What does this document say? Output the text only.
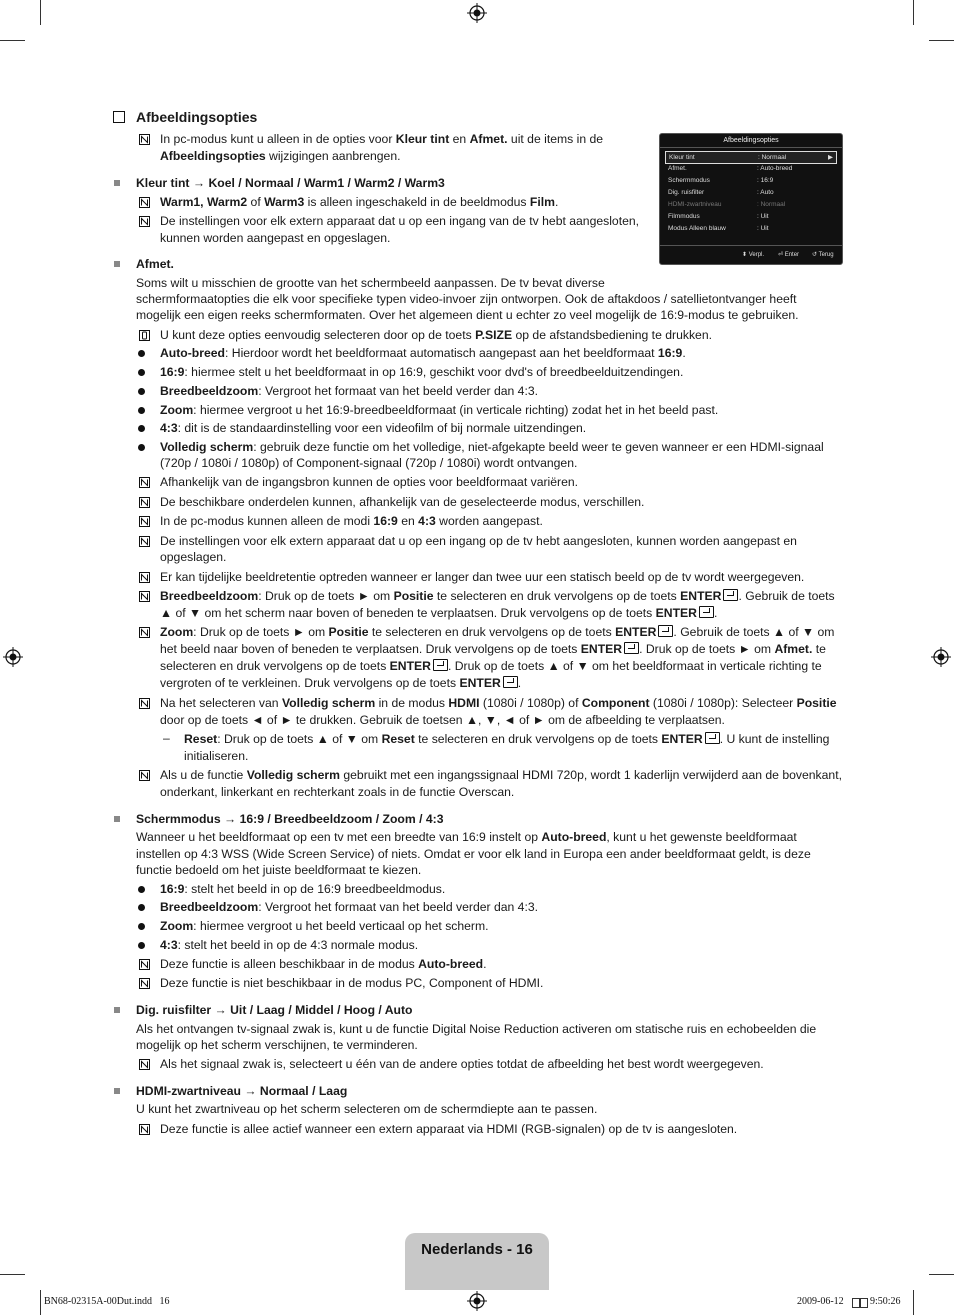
Afbeeldingsopties
In pc-modus kunt u alleen in de opties voor Kleur tint en Afmet. uit de items in de
Afbeeldingsopties wijzigingen aanbrengen.
Afbeeldingsopties
Kleur tint	: Normaal	▶
Afmet.	: Auto-breed
Schermmodus	: 16:9
Dig. ruisfilter	: Auto
HDMI-zwartniveau	: Normaal
Filmmodus	: Uit
Modus Alleen blauw	: Uit
⬍ Verpl. ⏎ Enter ↺ Terug
Kleur tint → Koel / Normaal / Warm1 / Warm2 / Warm3
Warm1, Warm2 of Warm3 is alleen ingeschakeld in de beeldmodus Film.
De instellingen voor elk extern apparaat dat u op een ingang van de tv hebt aangesloten,
kunnen worden aangepast en opgeslagen.
Afmet.
Soms wilt u misschien de grootte van het schermbeeld aanpassen. De tv bevat diverse
schermformaatopties die elk voor specifieke typen video-invoer zijn ontworpen. Ook de aftakdoos / satellietontvanger heeft
mogelijk een eigen reeks schermformaten. Over het algemeen dient u echter zo veel mogelijk de 16:9-modus te gebruiken.
U kunt deze opties eenvoudig selecteren door op de toets P.SIZE op de afstandsbediening te drukken.
Auto-breed: Hierdoor wordt het beeldformaat automatisch aangepast aan het beeldformaat 16:9.
16:9: hiermee stelt u het beeldformaat in op 16:9, geschikt voor dvd's of breedbeelduitzendingen.
Breedbeeldzoom: Vergroot het formaat van het beeld verder dan 4:3.
Zoom: hiermee vergroot u het 16:9-breedbeeldformaat (in verticale richting) zodat het in het beeld past.
4:3: dit is de standaardinstelling voor een videofilm of bij normale uitzendingen.
Volledig scherm: gebruik deze functie om het volledige, niet-afgekapte beeld weer te geven wanneer er een HDMI-signaal
(720p / 1080i / 1080p) of Component-signaal (720p / 1080i) wordt ontvangen.
Afhankelijk van de ingangsbron kunnen de opties voor beeldformaat variëren.
De beschikbare onderdelen kunnen, afhankelijk van de geselecteerde modus, verschillen.
In de pc-modus kunnen alleen de modi 16:9 en 4:3 worden aangepast.
De instellingen voor elk extern apparaat dat u op een ingang op de tv hebt aangesloten, kunnen worden aangepast en
opgeslagen.
Er kan tijdelijke beeldretentie optreden wanneer er langer dan twee uur een statisch beeld op de tv wordt weergegeven.
Breedbeeldzoom: Druk op de toets ► om Positie te selecteren en druk vervolgens op de toets ENTER . Gebruik de toets
▲ of ▼ om het scherm naar boven of beneden te verplaatsen. Druk vervolgens op de toets ENTER .
Zoom: Druk op de toets ► om Positie te selecteren en druk vervolgens op de toets ENTER . Gebruik de toets ▲ of ▼ om
het beeld naar boven of beneden te verplaatsen. Druk vervolgens op de toets ENTER . Druk op de toets ► om Afmet. te
selecteren en druk vervolgens op de toets ENTER . Druk op de toets ▲ of ▼ om het beeldformaat in verticale richting te
vergroten of te verkleinen. Druk vervolgens op de toets ENTER .
Na het selecteren van Volledig scherm in de modus HDMI (1080i / 1080p) of Component (1080i / 1080p): Selecteer Positie
door op de toets ◄ of ► te drukken. Gebruik de toetsen ▲, ▼, ◄ of ► om de afbeelding te verplaatsen.
– Reset: Druk op de toets ▲ of ▼ om Reset te selecteren en druk vervolgens op de toets ENTER . U kunt de instelling
initialiseren.
Als u de functie Volledig scherm gebruikt met een ingangssignaal HDMI 720p, wordt 1 kaderlijn verwijderd aan de bovenkant,
onderkant, linkerkant en rechterkant zoals in de functie Overscan.
Schermmodus → 16:9 / Breedbeeldzoom / Zoom / 4:3
Wanneer u het beeldformaat op een tv met een breedte van 16:9 instelt op Auto-breed, kunt u het gewenste beeldformaat
instellen op 4:3 WSS (Wide Screen Service) of niets. Omdat er voor elk land in Europa een ander beeldformaat geldt, is deze
functie bedoeld om het juiste beeldformaat te kiezen.
16:9: stelt het beeld in op de 16:9 breedbeeldmodus.
Breedbeeldzoom: Vergroot het formaat van het beeld verder dan 4:3.
Zoom: hiermee vergroot u het beeld verticaal op het scherm.
4:3: stelt het beeld in op de 4:3 normale modus.
Deze functie is alleen beschikbaar in de modus Auto-breed.
Deze functie is niet beschikbaar in de modus PC, Component of HDMI.
Dig. ruisfilter → Uit / Laag / Middel / Hoog / Auto
Als het ontvangen tv-signaal zwak is, kunt u de functie Digital Noise Reduction activeren om statische ruis en echobeelden die
mogelijk op het scherm verschijnen, te verminderen.
Als het signaal zwak is, selecteert u één van de andere opties totdat de afbeelding het best wordt weergegeven.
HDMI-zwartniveau → Normaal / Laag
U kunt het zwartniveau op het scherm selecteren om de schermdiepte aan te passen.
Deze functie is allee actief wanneer een extern apparaat via HDMI (RGB-signalen) op de tv is aangesloten.
Nederlands - 16
BN68-02315A-00Dut.indd   16	2009-06-12	9:50:26
